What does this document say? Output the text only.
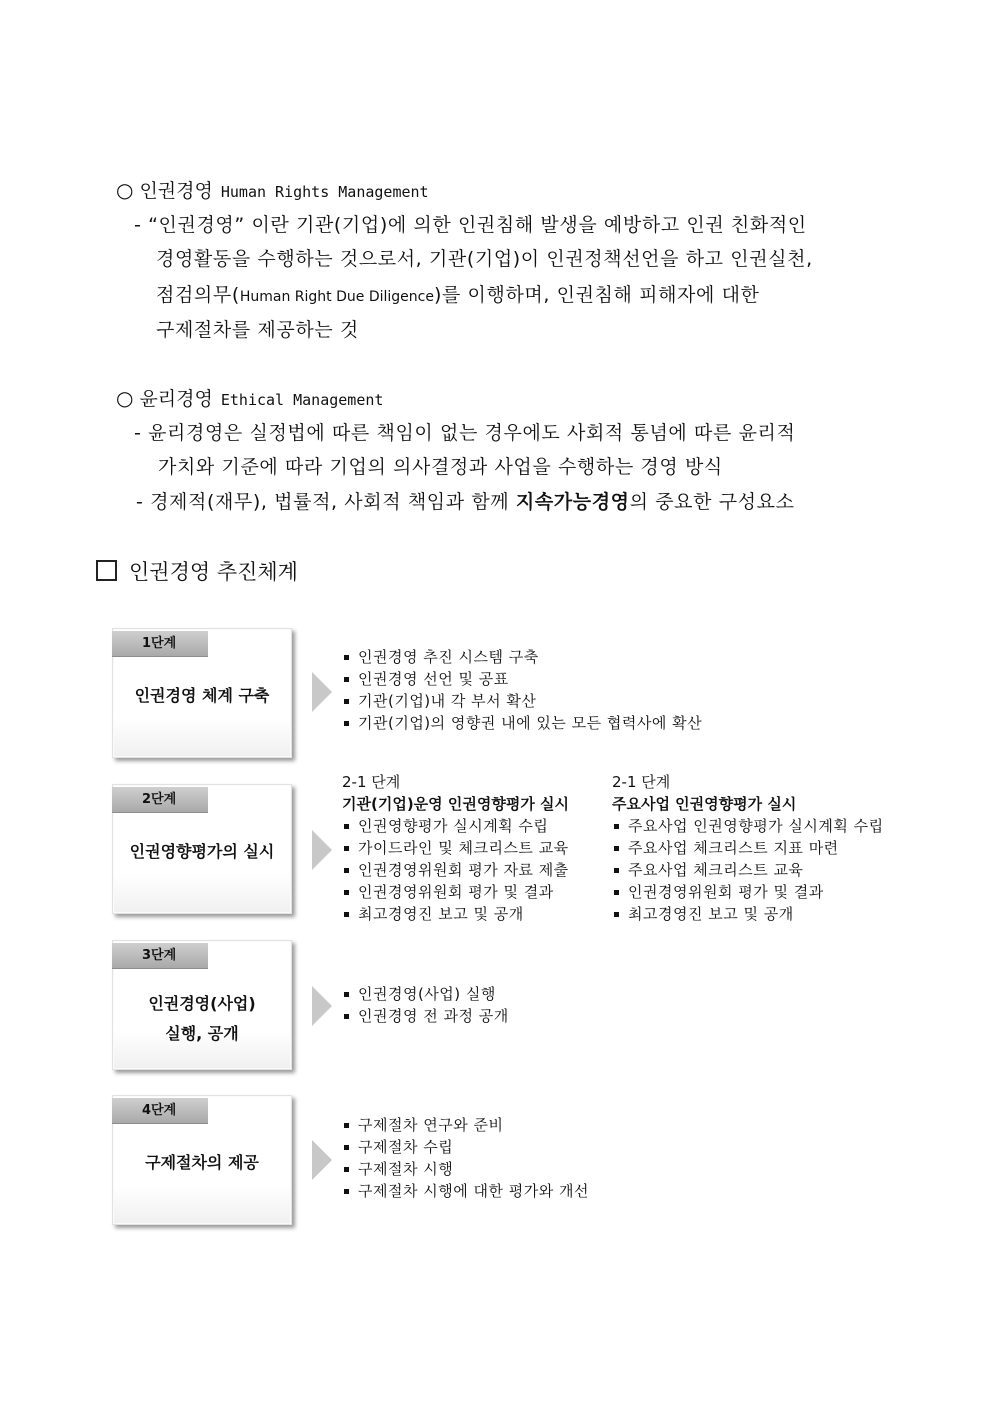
○ 인권경영 Human Rights Management
- “인권경영” 이란 기관(기업)에 의한 인권침해 발생을 예방하고 인권 친화적인
경영활동을 수행하는 것으로서, 기관(기업)이 인권정책선언을 하고 인권실천,
점검의무(Human Right Due Diligence)를 이행하며, 인권침해 피해자에 대한
구제절차를 제공하는 것
○ 윤리경영 Ethical Management
- 윤리경영은 실정법에 따른 책임이 없는 경우에도 사회적 통념에 따른 윤리적
가치와 기준에 따라 기업의 의사결정과 사업을 수행하는 경영 방식
- 경제적(재무), 법률적, 사회적 책임과 함께 지속가능경영의 중요한 구성요소
인권경영 추진체계
1단계
인권경영 체계 구축
인권경영 추진 시스템 구축
인권경영 선언 및 공표
기관(기업)내 각 부서 확산
기관(기업)의 영향권 내에 있는 모든 협력사에 확산
2단계
인권영향평가의 실시
2-1 단계
기관(기업)운영 인권영향평가 실시
인권영향평가 실시계획 수립
가이드라인 및 체크리스트 교육
인권경영위원회 평가 자료 제출
인권경영위원회 평가 및 결과
최고경영진 보고 및 공개
2-1 단계
주요사업 인권영향평가 실시
주요사업 인권영향평가 실시계획 수립
주요사업 체크리스트 지표 마련
주요사업 체크리스트 교육
인권경영위원회 평가 및 결과
최고경영진 보고 및 공개
3단계
인권경영(사업)
실행, 공개
인권경영(사업) 실행
인권경영 전 과정 공개
4단계
구제절차의 제공
구제절차 연구와 준비
구제절차 수립
구제절차 시행
구제절차 시행에 대한 평가와 개선
